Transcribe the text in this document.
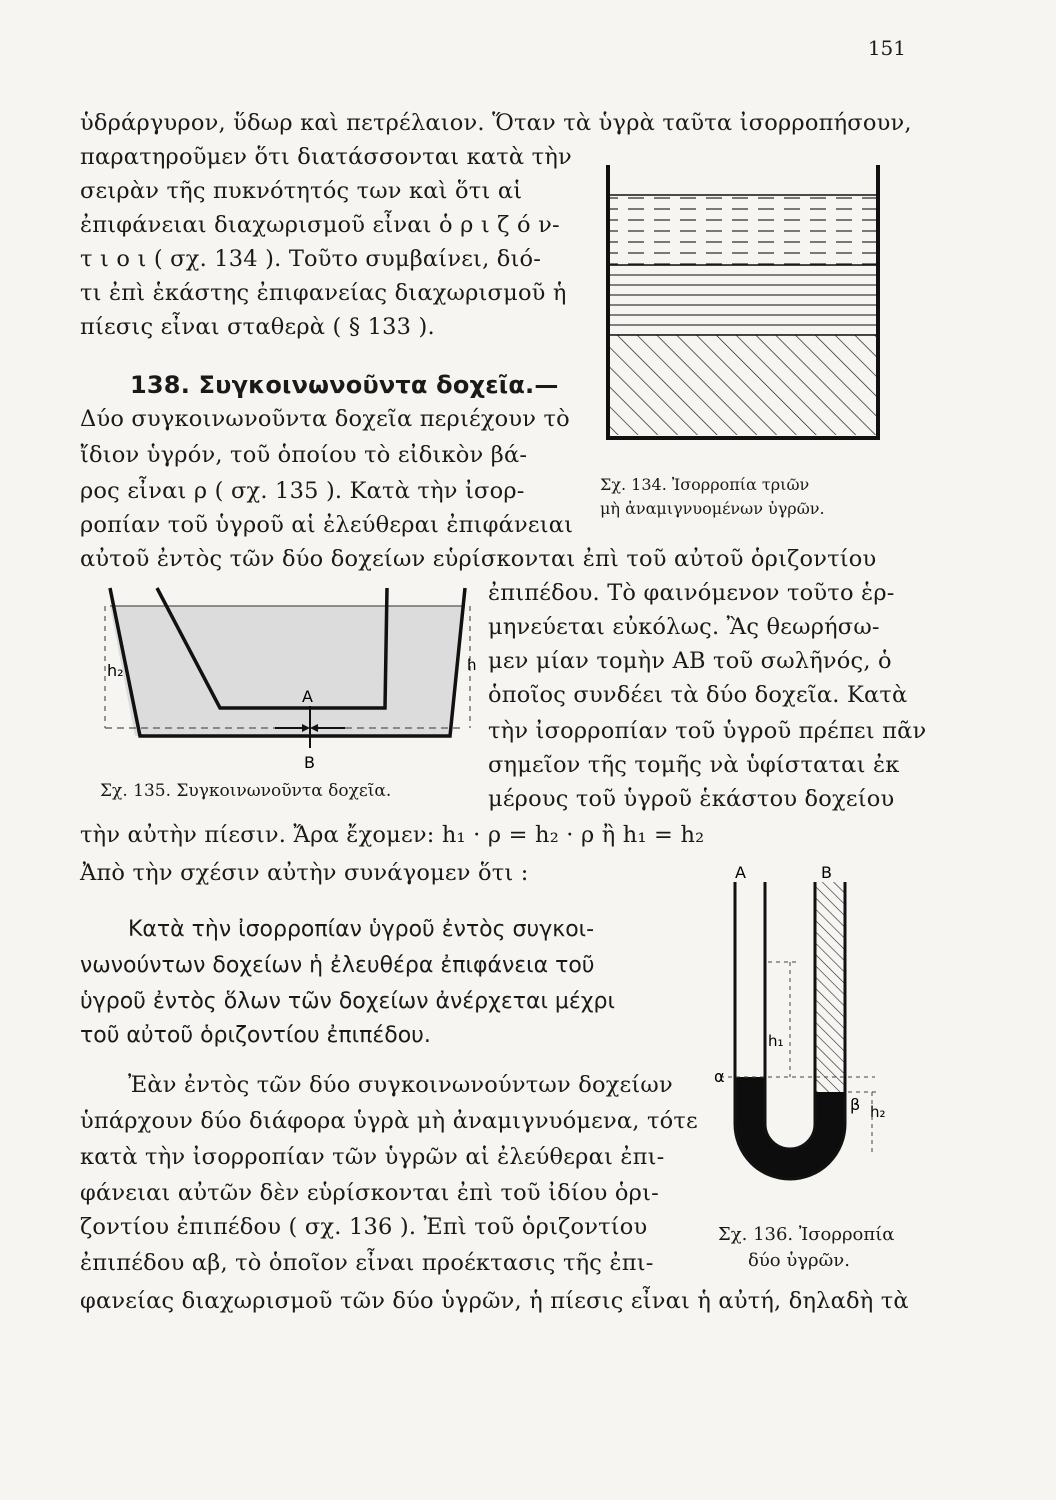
151
ὑδράργυρον, ὕδωρ καὶ πετρέλαιον. Ὅταν τὰ ὑγρὰ ταῦτα ἰσορροπήσουν,
παρατηροῦμεν ὅτι διατάσσονται κατὰ τὴν
σειρὰν τῆς πυκνότητός των καὶ ὅτι αἱ
ἐπιφάνειαι διαχωρισμοῦ εἶναι ὁ ρ ι ζ ό ν-
τ ι ο ι ( σχ. 134 ). Τοῦτο συμβαίνει, διό-
τι ἐπὶ ἑκάστης ἐπιφανείας διαχωρισμοῦ ἡ
πίεσις εἶναι σταθερὰ ( § 133 ).
Σχ. 134. Ἰσορροπία τριῶν
μὴ ἀναμιγνυομένων ὑγρῶν.
138. Συγκοινωνοῦντα δοχεῖα.—
Δύο συγκοινωνοῦντα δοχεῖα περιέχουν τὸ
ἴδιον ὑγρόν, τοῦ ὁποίου τὸ εἰδικὸν βά-
ρος εἶναι ρ ( σχ. 135 ). Κατὰ τὴν ἰσορ-
ροπίαν τοῦ ὑγροῦ αἱ ἐλεύθεραι ἐπιφάνειαι
αὐτοῦ ἐντὸς τῶν δύο δοχείων εὑρίσκονται ἐπὶ τοῦ αὐτοῦ ὁριζοντίου
ἐπιπέδου. Τὸ φαινόμενον τοῦτο ἑρ-
μηνεύεται εὐκόλως. Ἂς θεωρήσω-
μεν μίαν τομὴν ΑΒ τοῦ σωλῆνός, ὁ
ὁποῖος συνδέει τὰ δύο δοχεῖα. Κατὰ
τὴν ἰσορροπίαν τοῦ ὑγροῦ πρέπει πᾶν
σημεῖον τῆς τομῆς νὰ ὑφίσταται ἐκ
μέρους τοῦ ὑγροῦ ἑκάστου δοχείου
h₂	h
A
B
Σχ. 135. Συγκοινωνοῦντα δοχεῖα.
τὴν αὐτὴν πίεσιν. Ἄρα ἔχομεν: h₁ · ρ = h₂ · ρ ἢ h₁ = h₂
Ἀπὸ τὴν σχέσιν αὐτὴν συνάγομεν ὅτι :
Κατὰ τὴν ἰσορροπίαν ὑγροῦ ἐντὸς συγκοι-
νωνούντων δοχείων ἡ ἐλευθέρα ἐπιφάνεια τοῦ
ὑγροῦ ἐντὸς ὅλων τῶν δοχείων ἀνέρχεται μέχρι
τοῦ αὐτοῦ ὁριζοντίου ἐπιπέδου.
A	B
h₁
h₂
α
β
Σχ. 136. Ἰσορροπία
δύο ὑγρῶν.
Ἐὰν ἐντὸς τῶν δύο συγκοινωνούντων δοχείων
ὑπάρχουν δύο διάφορα ὑγρὰ μὴ ἀναμιγνυόμενα, τότε
κατὰ τὴν ἰσορροπίαν τῶν ὑγρῶν αἱ ἐλεύθεραι ἐπι-
φάνειαι αὐτῶν δὲν εὑρίσκονται ἐπὶ τοῦ ἰδίου ὁρι-
ζοντίου ἐπιπέδου ( σχ. 136 ). Ἐπὶ τοῦ ὁριζοντίου
ἐπιπέδου αβ, τὸ ὁποῖον εἶναι προέκτασις τῆς ἐπι-
φανείας διαχωρισμοῦ τῶν δύο ὑγρῶν, ἡ πίεσις εἶναι ἡ αὐτή, δηλαδὴ τὰ
